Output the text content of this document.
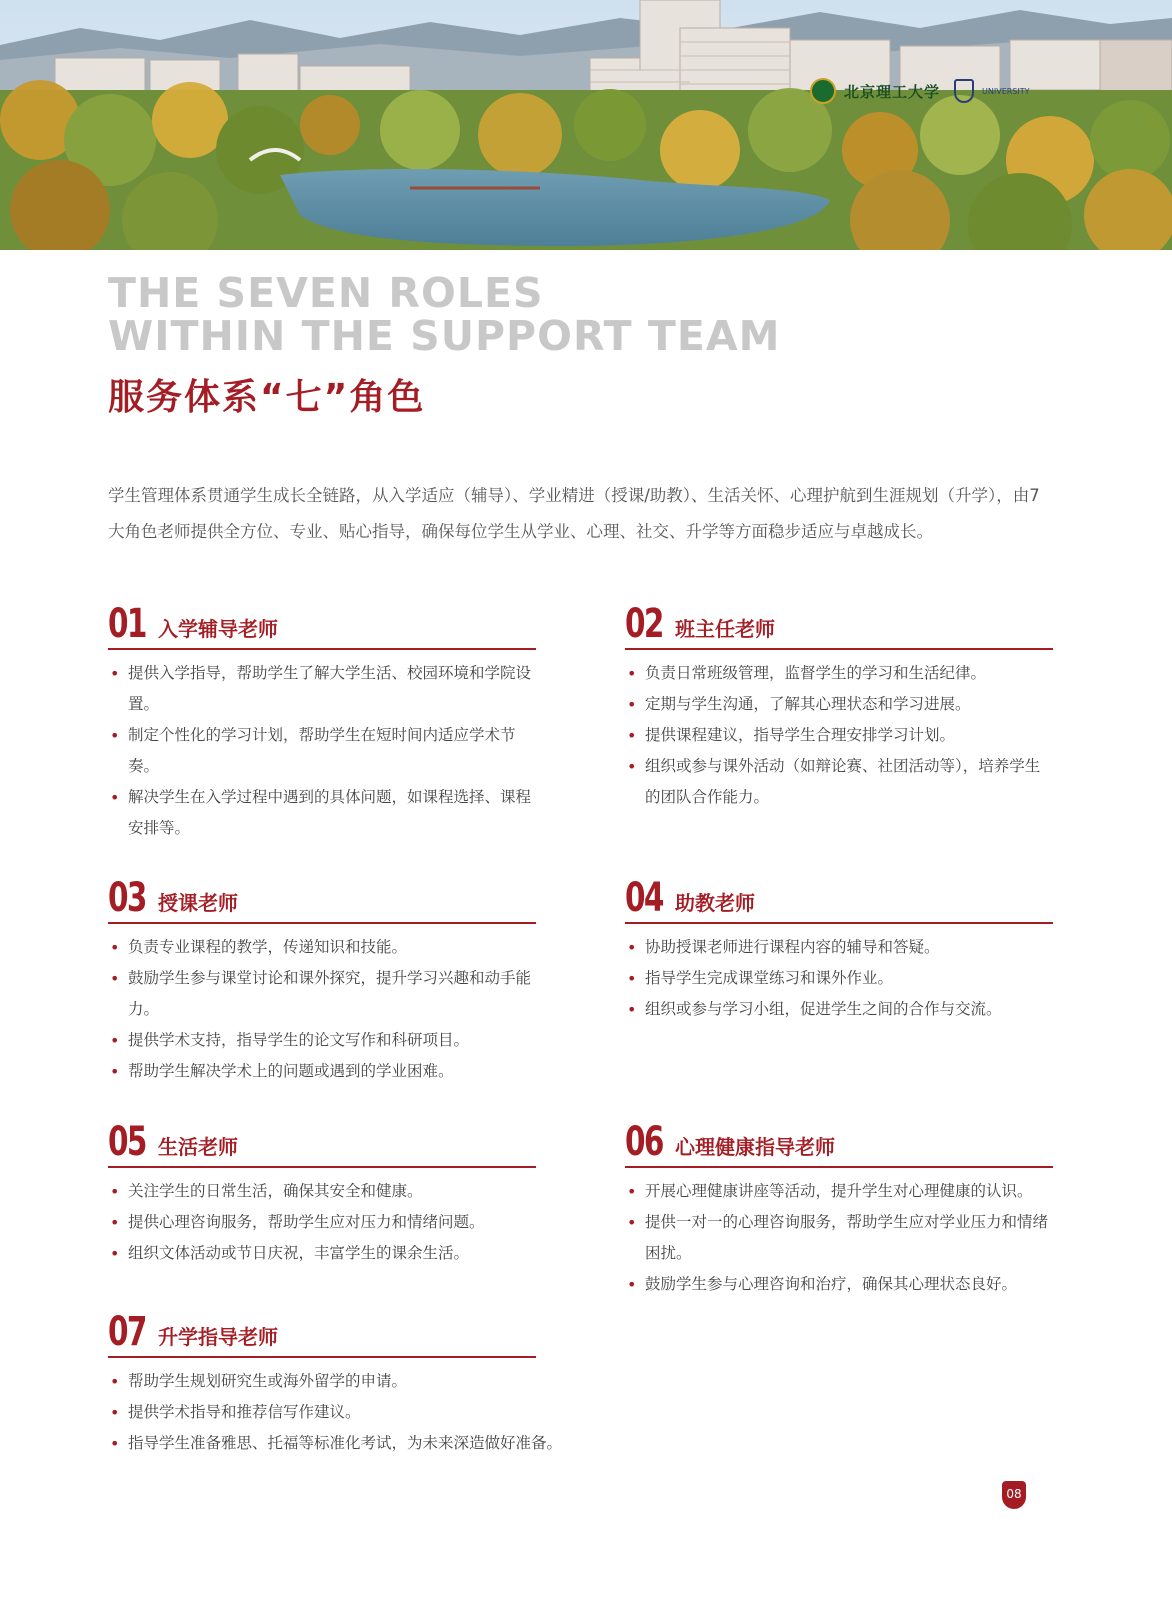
北京理工大学	UNIVERSITY
THE SEVEN ROLES
WITHIN THE SUPPORT TEAM
服务体系“七”角色

学生管理体系贯通学生成长全链路，从入学适应（辅导）、学业精进（授课/助教）、生活关怀、心理护航到生涯规划（升学），由7大角色老师提供全方位、专业、贴心指导，确保每位学生从学业、心理、社交、升学等方面稳步适应与卓越成长。

01 入学辅导老师
• 提供入学指导，帮助学生了解大学生活、校园环境和学院设置。
• 制定个性化的学习计划，帮助学生在短时间内适应学术节奏。
• 解决学生在入学过程中遇到的具体问题，如课程选择、课程安排等。
02 班主任老师
• 负责日常班级管理，监督学生的学习和生活纪律。
• 定期与学生沟通，了解其心理状态和学习进展。
• 提供课程建议，指导学生合理安排学习计划。
• 组织或参与课外活动（如辩论赛、社团活动等），培养学生的团队合作能力。
03 授课老师
• 负责专业课程的教学，传递知识和技能。
• 鼓励学生参与课堂讨论和课外探究，提升学习兴趣和动手能力。
• 提供学术支持，指导学生的论文写作和科研项目。
• 帮助学生解决学术上的问题或遇到的学业困难。
04 助教老师
• 协助授课老师进行课程内容的辅导和答疑。
• 指导学生完成课堂练习和课外作业。
• 组织或参与学习小组，促进学生之间的合作与交流。
05 生活老师
• 关注学生的日常生活，确保其安全和健康。
• 提供心理咨询服务，帮助学生应对压力和情绪问题。
• 组织文体活动或节日庆祝，丰富学生的课余生活。
06 心理健康指导老师
• 开展心理健康讲座等活动，提升学生对心理健康的认识。
• 提供一对一的心理咨询服务，帮助学生应对学业压力和情绪困扰。
• 鼓励学生参与心理咨询和治疗，确保其心理状态良好。
07 升学指导老师
• 帮助学生规划研究生或海外留学的申请。
• 提供学术指导和推荐信写作建议。
• 指导学生准备雅思、托福等标准化考试，为未来深造做好准备。
08
